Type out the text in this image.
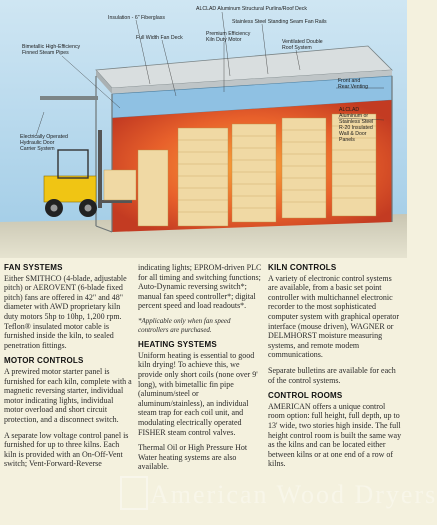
Insulation - 6" Fiberglass
ALCLAD Aluminum Structural Purlins/Roof Deck
Stainless Steel Standing Seam Fan Rails
Bimetallic High-Efficiency
Finned Steam Pipes
Full Width Fan Deck
Premium Efficiency
Kiln Duty Motor	Ventilated Double
Roof System
Front and
Rear Venting
Electrically Operated
Hydraulic Door
Carrier System
ALCLAD
Aluminum or
Stainless Steel
R-20 Insulated
Wall & Door
Panels
FAN SYSTEMS

Either SMITHCO (4-blade, adjustable pitch) or AEROVENT (6-blade fixed pitch) fans are offered in 42" and 48" diameter with AWD proprietary kiln duty motors 5hp to 10hp, 1,200 rpm. Teflon® insulated motor cable is furnished inside the kiln, to sealed penetration fittings.

MOTOR CONTROLS

A prewired motor starter panel is furnished for each kiln, complete with a magnetic reversing starter, individual motor indicating lights, individual motor overload and short circuit protection, and a disconnect switch.

A separate low voltage control panel is furnished for up to three kilns. Each kiln is provided with an On-Off-Vent switch; Vent-Forward-Reverse

indicating lights; EPROM-driven PLC for all timing and switching functions; Auto-Dynamic reversing switch*; manual fan speed controller*; digital percent speed and load readouts*.

*Applicable only when fan speed controllers are purchased.

HEATING SYSTEMS

Uniform heating is essential to good kiln drying! To achieve this, we provide only short coils (none over 9' long), with bimetallic fin pipe (aluminum/steel or aluminum/stainless), an individual steam trap for each coil unit, and modulating electrically operated FISHER steam control valves.

Thermal Oil or High Pressure Hot Water heating systems are also available.

KILN CONTROLS

A variety of electronic control systems are available, from a basic set point controller with multichannel electronic recorder to the most sophisticated computer system with graphical operator interface (mouse driven), WAGNER or DELMHORST moisture measuring systems, and remote modem communications.

Separate bulletins are available for each of the control systems.

CONTROL ROOMS

AMERICAN offers a unique control room option: full height, full depth, up to 13' wide, two stories high inside. The full height control room is built the same way as the kilns and can be located either between kilns or at one end of a row of kilns.

American Wood Dryers
